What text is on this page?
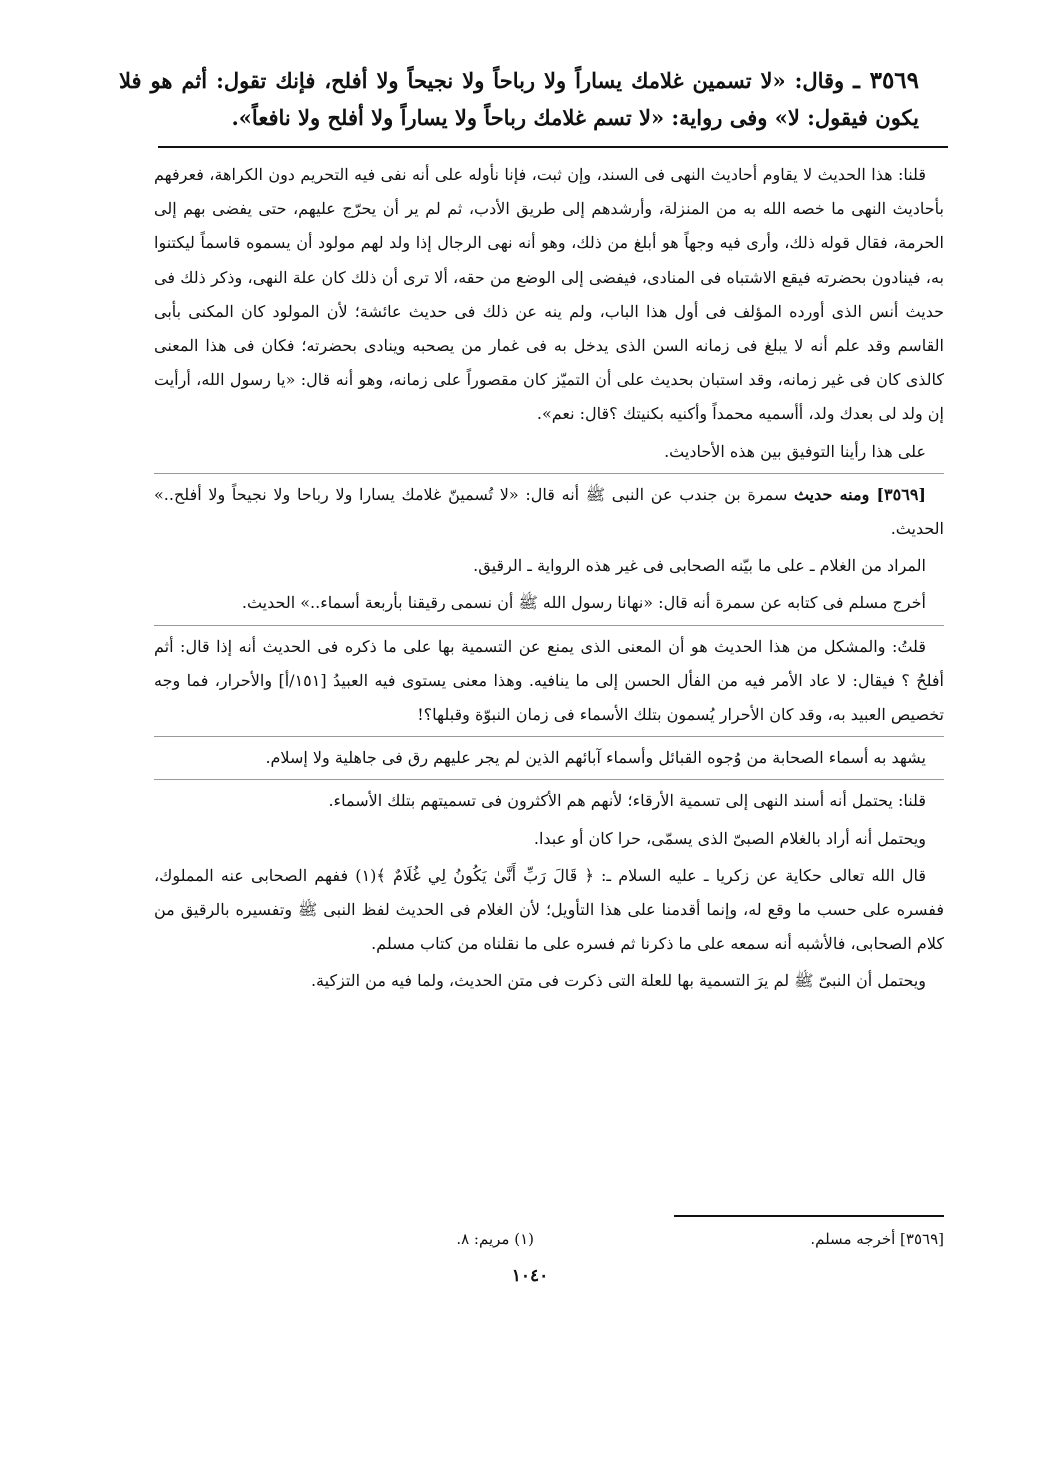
٣٥٦٩ ـ وقال: «لا تسمين غلامك يساراً ولا رباحاً ولا نجيحاً ولا أفلح، فإنك تقول: أثم هو فلا يكون فيقول: لا» وفى رواية: «لا تسم غلامك رباحاً ولا يساراً ولا أفلح ولا نافعاً».

قلنا: هذا الحديث لا يقاوم أحاديث النهى فى السند، وإن ثبت، فإنا نأوله على أنه نفى فيه التحريم دون الكراهة، فعرفهم بأحاديث النهى ما خصه الله به من المنزلة، وأرشدهم إلى طريق الأدب، ثم لم ير أن يحرّج عليهم، حتى يفضى بهم إلى الحرمة، فقال قوله ذلك، وأرى فيه وجهاً هو أبلغ من ذلك، وهو أنه نهى الرجال إذا ولد لهم مولود أن يسموه قاسماً ليكتنوا به، فينادون بحضرته فيقع الاشتباه فى المنادى، فيفضى إلى الوضع من حقه، ألا ترى أن ذلك كان علة النهى، وذكر ذلك فى حديث أنس الذى أورده المؤلف فى أول هذا الباب، ولم ينه عن ذلك فى حديث عائشة؛ لأن المولود كان المكنى بأبى القاسم وقد علم أنه لا يبلغ فى زمانه السن الذى يدخل به فى غمار من يصحبه وينادى بحضرته؛ فكان فى هذا المعنى كالذى كان فى غير زمانه، وقد استبان بحديث على أن التميّز كان مقصوراً على زمانه، وهو أنه قال: «يا رسول الله، أرأيت إن ولد لى بعدك ولد، أأسميه محمداً وأكنيه بكنيتك ؟قال: نعم».

على هذا رأينا التوفيق بين هذه الأحاديث.

[٣٥٦٩] ومنه حديث سمرة بن جندب عن النبى ﷺ أنه قال: «لا تُسمينّ غلامك يسارا ولا رباحا ولا نجيحاً ولا أفلح..» الحديث.

المراد من الغلام ـ على ما بيّنه الصحابى فى غير هذه الرواية ـ الرقيق.

أخرج مسلم فى كتابه عن سمرة أنه قال: «نهانا رسول الله ﷺ أن نسمى رقيقنا بأربعة أسماء..» الحديث.

قلتُ: والمشكل من هذا الحديث هو أن المعنى الذى يمنع عن التسمية بها على ما ذكره فى الحديث أنه إذا قال: أثم أفلحُ ؟ فيقال: لا عاد الأمر فيه من الفأل الحسن إلى ما ينافيه. وهذا معنى يستوى فيه العبيدُ [١٥١/أ] والأحرار، فما وجه تخصيص العبيد به، وقد كان الأحرار يُسمون بتلك الأسماء فى زمان النبوّة وقبلها؟!

يشهد به أسماء الصحابة من وُجوه القبائل وأسماء آبائهم الذين لم يجر عليهم رق فى جاهلية ولا إسلام.

قلنا: يحتمل أنه أسند النهى إلى تسمية الأرقاء؛ لأنهم هم الأكثرون فى تسميتهم بتلك الأسماء.

ويحتمل أنه أراد بالغلام الصبىّ الذى يسمّى، حرا كان أو عبدا.

قال الله تعالى حكاية عن زكريا ـ عليه السلام ـ: ﴿ قَالَ رَبِّ أَنَّىٰ يَكُونُ لِي غُلَامٌ ﴾(١) ففهم الصحابى عنه المملوك، ففسره على حسب ما وقع له، وإنما أقدمنا على هذا التأويل؛ لأن الغلام فى الحديث لفظ النبى ﷺ وتفسيره بالرقيق من كلام الصحابى، فالأشبه أنه سمعه على ما ذكرنا ثم فسره على ما نقلناه من كتاب مسلم.

ويحتمل أن النبىّ ﷺ لم يرَ التسمية بها للعلة التى ذكرت فى متن الحديث، ولما فيه من التزكية.

[٣٥٦٩] أخرجه مسلم.
(١) مريم: ٨.
١٠٤٠
